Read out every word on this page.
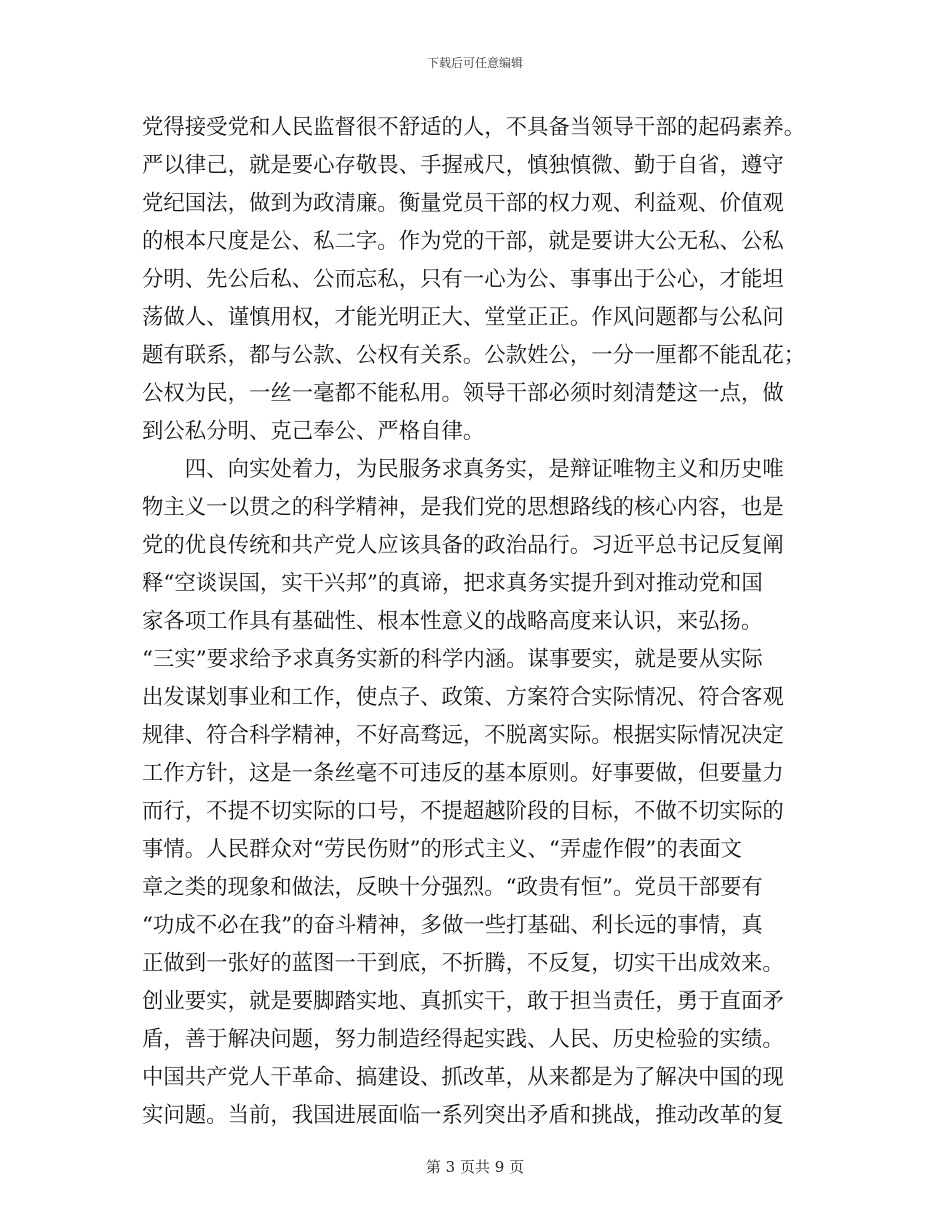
下载后可任意编辑
党得接受党和人民监督很不舒适的人，不具备当领导干部的起码素养。
严以律己，就是要心存敬畏、手握戒尺，慎独慎微、勤于自省，遵守
党纪国法，做到为政清廉。衡量党员干部的权力观、利益观、价值观
的根本尺度是公、私二字。作为党的干部，就是要讲大公无私、公私
分明、先公后私、公而忘私，只有一心为公、事事出于公心，才能坦
荡做人、谨慎用权，才能光明正大、堂堂正正。作风问题都与公私问
题有联系，都与公款、公权有关系。公款姓公，一分一厘都不能乱花；
公权为民，一丝一毫都不能私用。领导干部必须时刻清楚这一点，做
到公私分明、克己奉公、严格自律。
　　四、向实处着力，为民服务求真务实，是辩证唯物主义和历史唯
物主义一以贯之的科学精神，是我们党的思想路线的核心内容，也是
党的优良传统和共产党人应该具备的政治品行。习近平总书记反复阐
释“空谈误国，实干兴邦”的真谛，把求真务实提升到对推动党和国
家各项工作具有基础性、根本性意义的战略高度来认识，来弘扬。
“三实”要求给予求真务实新的科学内涵。谋事要实，就是要从实际
出发谋划事业和工作，使点子、政策、方案符合实际情况、符合客观
规律、符合科学精神，不好高骛远，不脱离实际。根据实际情况决定
工作方针，这是一条丝毫不可违反的基本原则。好事要做，但要量力
而行，不提不切实际的口号，不提超越阶段的目标，不做不切实际的
事情。人民群众对“劳民伤财”的形式主义、“弄虚作假”的表面文
章之类的现象和做法，反映十分强烈。“政贵有恒”。党员干部要有
“功成不必在我”的奋斗精神，多做一些打基础、利长远的事情，真
正做到一张好的蓝图一干到底，不折腾，不反复，切实干出成效来。
创业要实，就是要脚踏实地、真抓实干，敢于担当责任，勇于直面矛
盾，善于解决问题，努力制造经得起实践、人民、历史检验的实绩。
中国共产党人干革命、搞建设、抓改革，从来都是为了解决中国的现
实问题。当前，我国进展面临一系列突出矛盾和挑战，推动改革的复
第 3 页共 9 页
